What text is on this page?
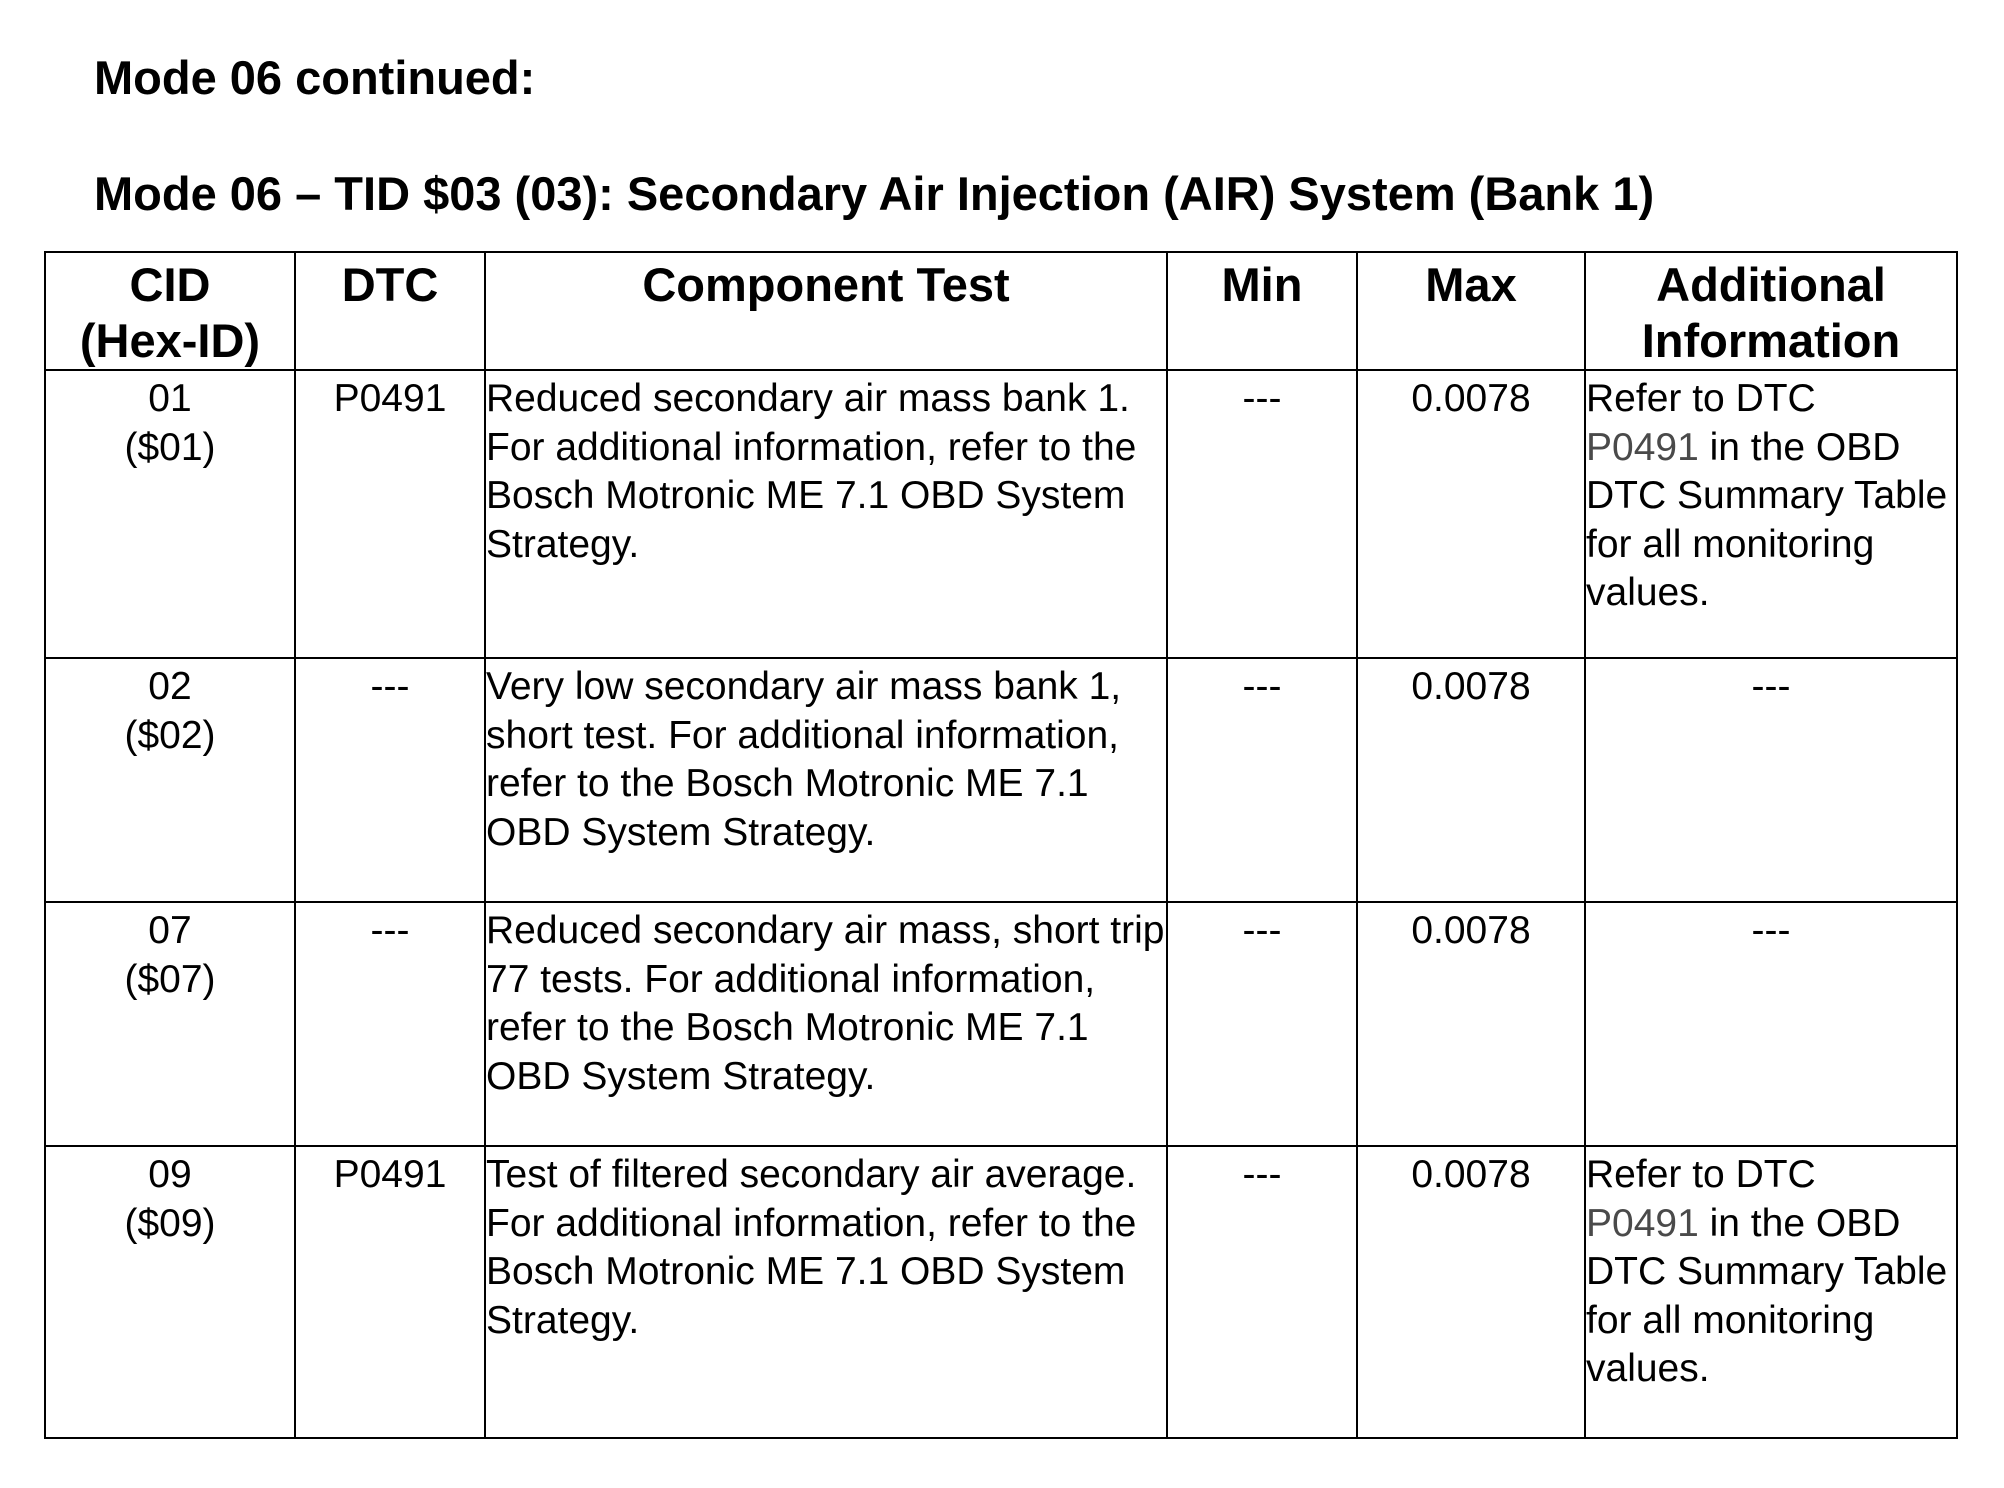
Mode 06 continued:
Mode 06 – TID $03 (03): Secondary Air Injection (AIR) System (Bank 1)
CID
(Hex-ID)	DTC	Component Test	Min	Max	Additional
Information

01
($01)	P0491	Reduced secondary air mass bank 1. For additional information, refer to the Bosch Motronic ME 7.1 OBD System Strategy.	---	0.0078	Refer to DTC
P0491 in the OBD DTC Summary Table for all monitoring values.

02
($02)	---	Very low secondary air mass bank 1, short test. For additional information, refer to the Bosch Motronic ME 7.1 OBD System Strategy.	---	0.0078	---

07
($07)	---	Reduced secondary air mass, short trip 77 tests. For additional information, refer to the Bosch Motronic ME 7.1 OBD System Strategy.	---	0.0078	---

09
($09)	P0491	Test of filtered secondary air average. For additional information, refer to the Bosch Motronic ME 7.1 OBD System Strategy.	---	0.0078	Refer to DTC
P0491 in the OBD DTC Summary Table for all monitoring values.
